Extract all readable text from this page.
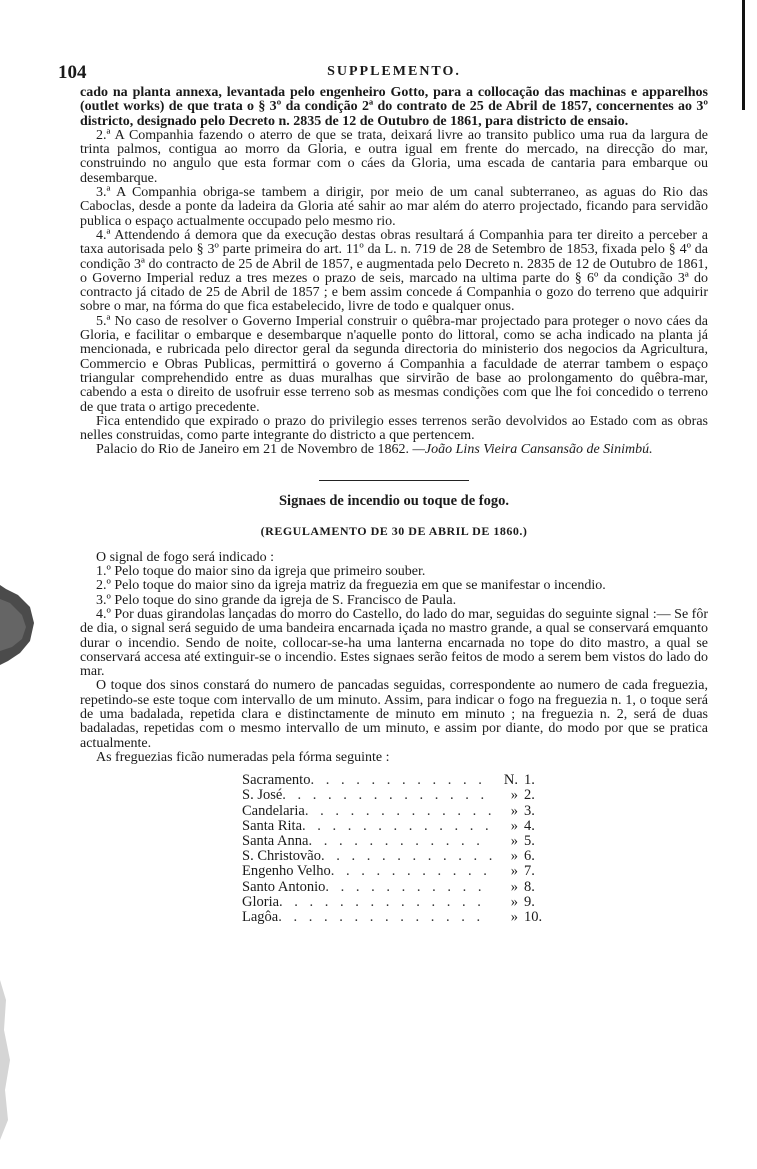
104	SUPPLEMENTO.

cado na planta annexa, levantada pelo engenheiro Gotto, para a collocação das machinas e apparelhos (outlet works) de que trata o § 3º da condição 2ª do contrato de 25 de Abril de 1857, concernentes ao 3º districto, designado pelo Decreto n. 2835 de 12 de Outubro de 1861, para districto de ensaio.

2.ª A Companhia fazendo o aterro de que se trata, deixará livre ao transito publico uma rua da largura de trinta palmos, contigua ao morro da Gloria, e outra igual em frente do mercado, na direcção do mar, construindo no angulo que esta formar com o cáes da Gloria, uma escada de cantaria para embarque ou desembarque.

3.ª A Companhia obriga-se tambem a dirigir, por meio de um canal subterraneo, as aguas do Rio das Caboclas, desde a ponte da ladeira da Gloria até sahir ao mar além do aterro projectado, ficando para servidão publica o espaço actualmente occupado pelo mesmo rio.

4.ª Attendendo á demora que da execução destas obras resultará á Companhia para ter direito a perceber a taxa autorisada pelo § 3º parte primeira do art. 11º da L. n. 719 de 28 de Setembro de 1853, fixada pelo § 4º da condição 3ª do contracto de 25 de Abril de 1857, e augmentada pelo Decreto n. 2835 de 12 de Outubro de 1861, o Governo Imperial reduz a tres mezes o prazo de seis, marcado na ultima parte do § 6º da condição 3ª do contracto já citado de 25 de Abril de 1857 ; e bem assim concede á Companhia o gozo do terreno que adquirir sobre o mar, na fórma do que fica estabelecido, livre de todo e qualquer onus.

5.ª No caso de resolver o Governo Imperial construir o quêbra-mar projectado para proteger o novo cáes da Gloria, e facilitar o embarque e desembarque n'aquelle ponto do littoral, como se acha indicado na planta já mencionada, e rubricada pelo director geral da segunda directoria do ministerio dos negocios da Agricultura, Commercio e Obras Publicas, permittirá o governo á Companhia a faculdade de aterrar tambem o espaço triangular comprehendido entre as duas muralhas que sirvirão de base ao prolongamento do quêbra-mar, cabendo a esta o direito de usofruir esse terreno sob as mesmas condições com que lhe foi concedido o terreno de que trata o artigo precedente.

Fica entendido que expirado o prazo do privilegio esses terrenos serão devolvidos ao Estado com as obras nelles construidas, como parte integrante do districto a que pertencem.

Palacio do Rio de Janeiro em 21 de Novembro de 1862. —João Lins Vieira Cansansão de Sinimbú.

Signaes de incendio ou toque de fogo.
(REGULAMENTO DE 30 DE ABRIL DE 1860.)

O signal de fogo será indicado :

1.º Pelo toque do maior sino da igreja que primeiro souber.

2.º Pelo toque do maior sino da igreja matriz da freguezia em que se manifestar o incendio.

3.º Pelo toque do sino grande da igreja de S. Francisco de Paula.

4.º Por duas girandolas lançadas do morro do Castello, do lado do mar, seguidas do seguinte signal :— Se fôr de dia, o signal será seguido de uma bandeira encarnada içada no mastro grande, a qual se conservará emquanto durar o incendio. Sendo de noite, collocar-se-ha uma lanterna encarnada no tope do dito mastro, a qual se conservará accesa até extinguir-se o incendio. Estes signaes serão feitos de modo a serem bem vistos do lado do mar.

O toque dos sinos constará do numero de pancadas seguidas, correspondente ao numero de cada freguezia, repetindo-se este toque com intervallo de um minuto. Assim, para indicar o fogo na freguezia n. 1, o toque será de uma badalada, repetida clara e distinctamente de minuto em minuto ; na freguezia n. 2, será de duas badaladas, repetidas com o mesmo intervallo de um minuto, e assim por diante, do modo por que se pratica actualmente.

As freguezias ficão numeradas pela fórma seguinte :

Sacramento . . .	N. 1.
S. José . . .	» 2.
Candelaria . . .	» 3.
Santa Rita . . .	» 4.
Santa Anna . . .	» 5.
S. Christovão . . .	» 6.
Engenho Velho . . .	» 7.
Santo Antonio . . .	» 8.
Gloria . . .	» 9.
Lagôa . . .	» 10.
